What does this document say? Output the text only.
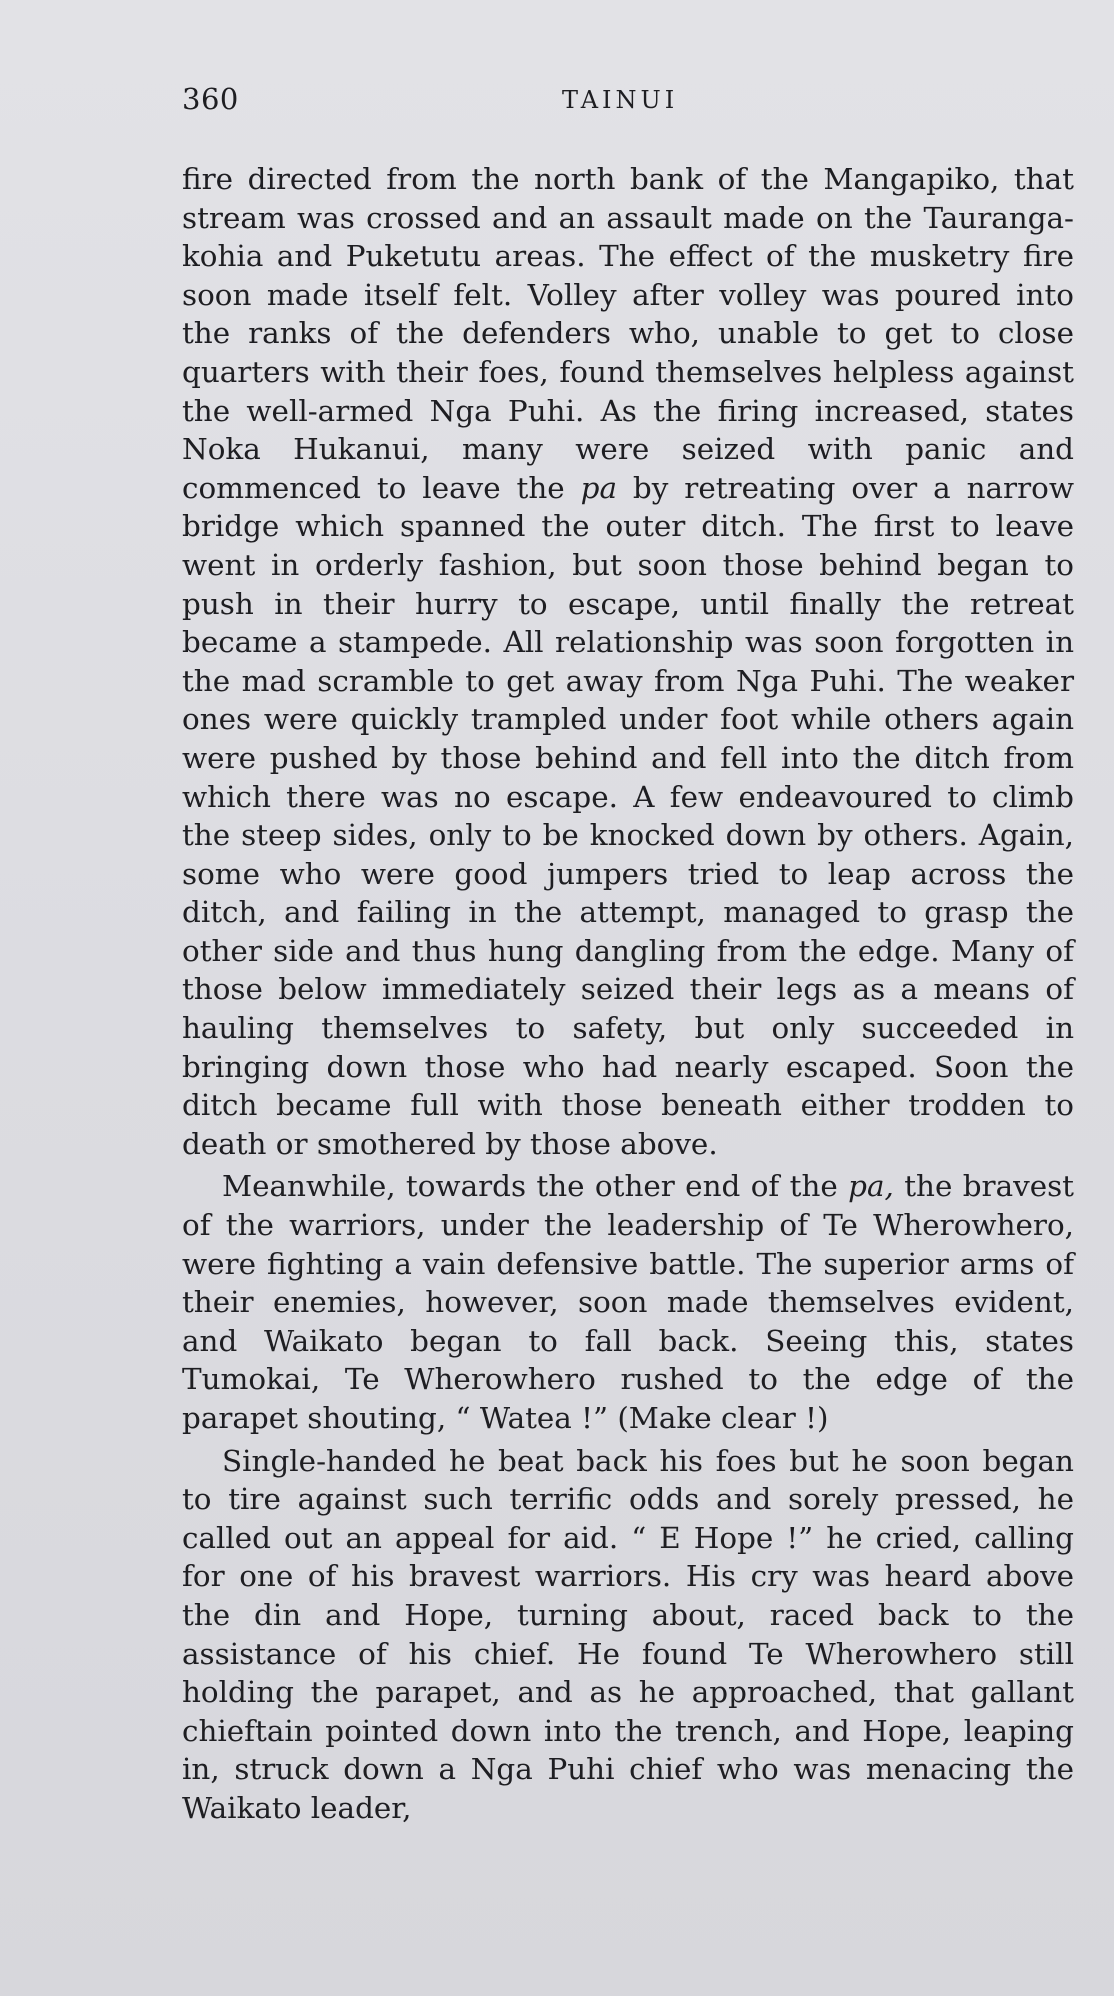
360	TAINUI

fire directed from the north bank of the Mangapiko, that stream was crossed and an assault made on the Tauranga-kohia and Puketutu areas. The effect of the musketry fire soon made itself felt. Volley after volley was poured into the ranks of the defenders who, unable to get to close quarters with their foes, found themselves helpless against the well-armed Nga Puhi. As the firing increased, states Noka Hukanui, many were seized with panic and commenced to leave the pa by retreating over a narrow bridge which spanned the outer ditch. The first to leave went in orderly fashion, but soon those behind began to push in their hurry to escape, until finally the retreat became a stampede. All relationship was soon forgotten in the mad scramble to get away from Nga Puhi. The weaker ones were quickly trampled under foot while others again were pushed by those behind and fell into the ditch from which there was no escape. A few endeavoured to climb the steep sides, only to be knocked down by others. Again, some who were good jumpers tried to leap across the ditch, and failing in the attempt, managed to grasp the other side and thus hung dangling from the edge. Many of those below immediately seized their legs as a means of hauling themselves to safety, but only succeeded in bringing down those who had nearly escaped. Soon the ditch became full with those beneath either trodden to death or smothered by those above.

Meanwhile, towards the other end of the pa, the bravest of the warriors, under the leadership of Te Wherowhero, were fighting a vain defensive battle. The superior arms of their enemies, however, soon made themselves evident, and Waikato began to fall back. Seeing this, states Tumokai, Te Wherowhero rushed to the edge of the parapet shouting, “ Watea !” (Make clear !)

Single-handed he beat back his foes but he soon began to tire against such terrific odds and sorely pressed, he called out an appeal for aid. “ E Hope !” he cried, calling for one of his bravest warriors. His cry was heard above the din and Hope, turning about, raced back to the assistance of his chief. He found Te Wherowhero still holding the parapet, and as he approached, that gallant chieftain pointed down into the trench, and Hope, leaping in, struck down a Nga Puhi chief who was menacing the Waikato leader,
